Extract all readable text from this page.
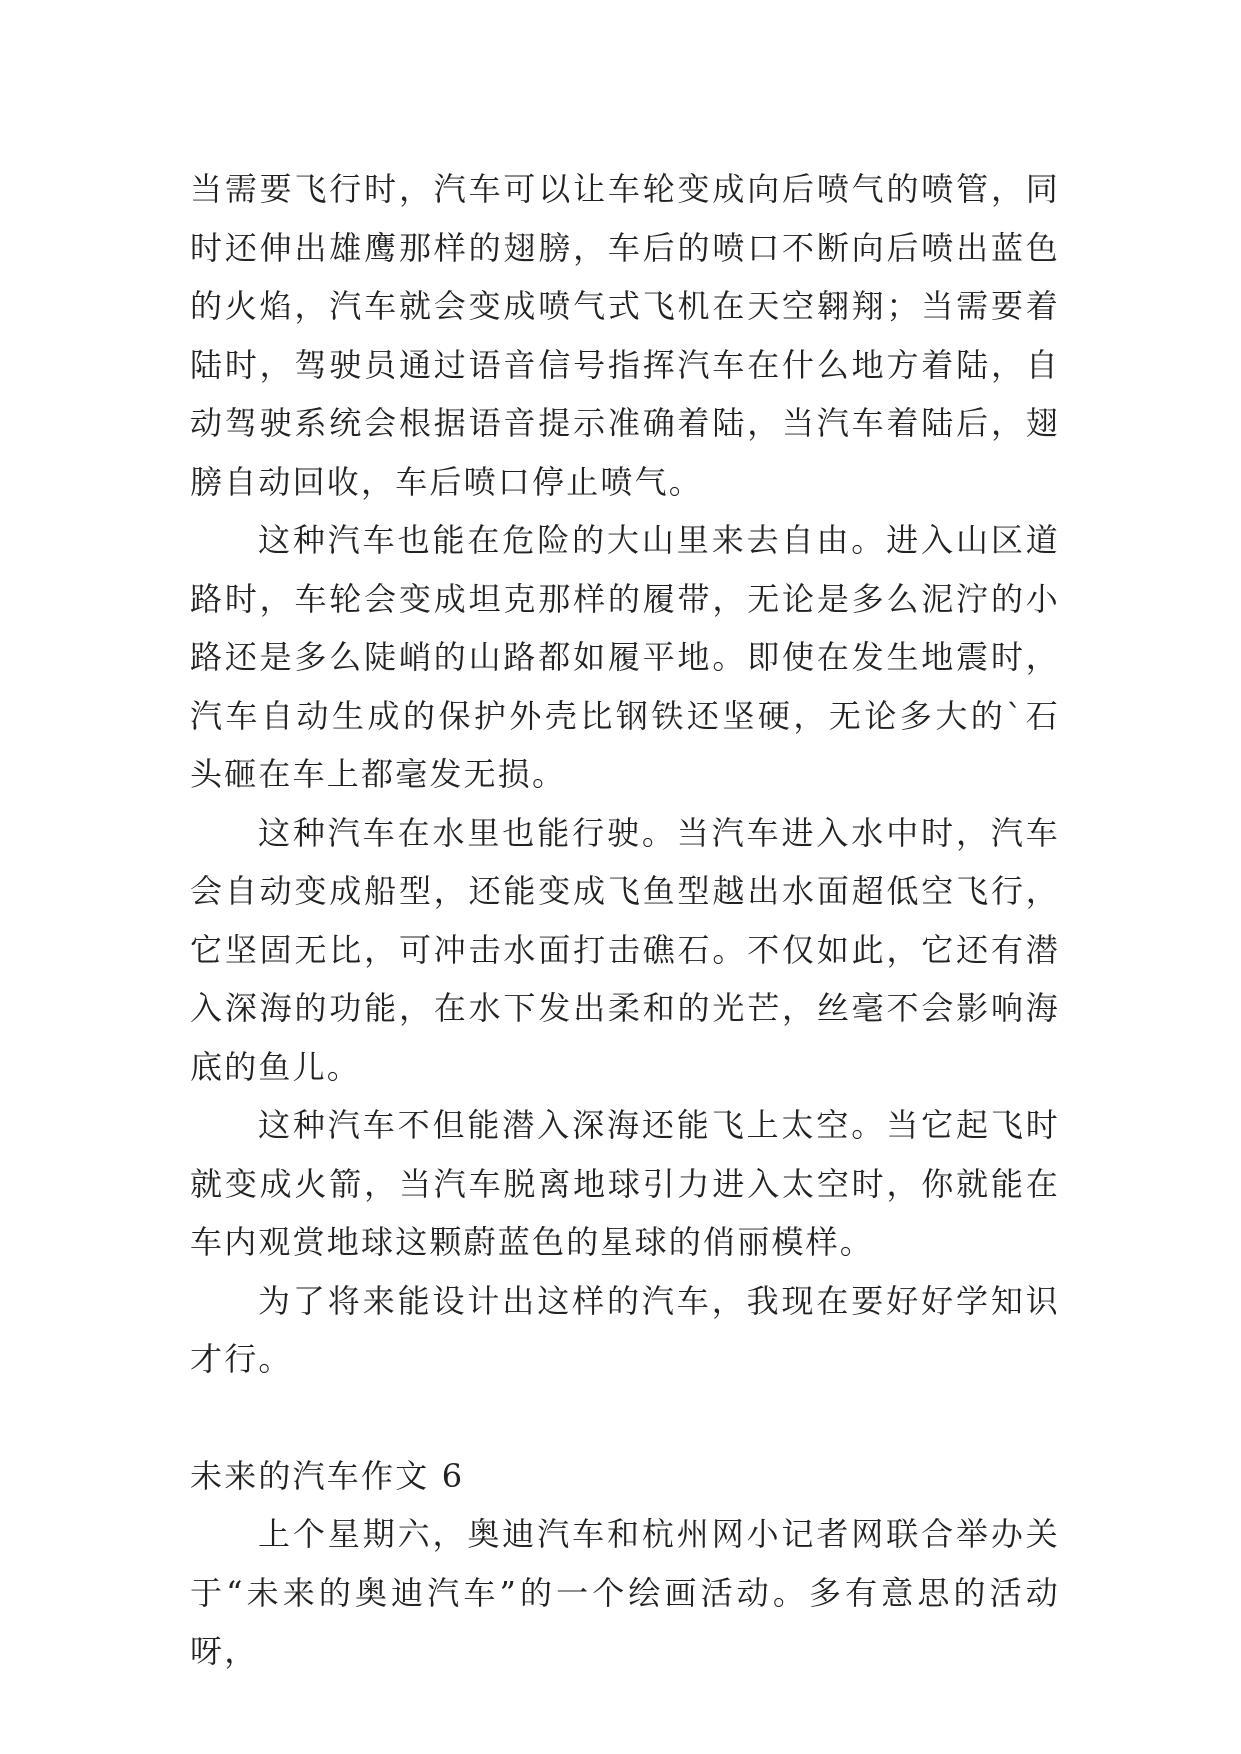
当需要飞行时，汽车可以让车轮变成向后喷气的喷管，同时还伸出雄鹰那样的翅膀，车后的喷口不断向后喷出蓝色的火焰，汽车就会变成喷气式飞机在天空翱翔；当需要着陆时，驾驶员通过语音信号指挥汽车在什么地方着陆，自动驾驶系统会根据语音提示准确着陆，当汽车着陆后，翅膀自动回收，车后喷口停止喷气。

这种汽车也能在危险的大山里来去自由。进入山区道路时，车轮会变成坦克那样的履带，无论是多么泥泞的小路还是多么陡峭的山路都如履平地。即使在发生地震时，汽车自动生成的保护外壳比钢铁还坚硬，无论多大的`石头砸在车上都毫发无损。

这种汽车在水里也能行驶。当汽车进入水中时，汽车会自动变成船型，还能变成飞鱼型越出水面超低空飞行，它坚固无比，可冲击水面打击礁石。不仅如此，它还有潜入深海的功能，在水下发出柔和的光芒，丝毫不会影响海底的鱼儿。

这种汽车不但能潜入深海还能飞上太空。当它起飞时就变成火箭，当汽车脱离地球引力进入太空时，你就能在车内观赏地球这颗蔚蓝色的星球的俏丽模样。

为了将来能设计出这样的汽车，我现在要好好学知识才行。

未来的汽车作文 6

上个星期六，奥迪汽车和杭州网小记者网联合举办关于“未来的奥迪汽车”的一个绘画活动。多有意思的活动呀，
